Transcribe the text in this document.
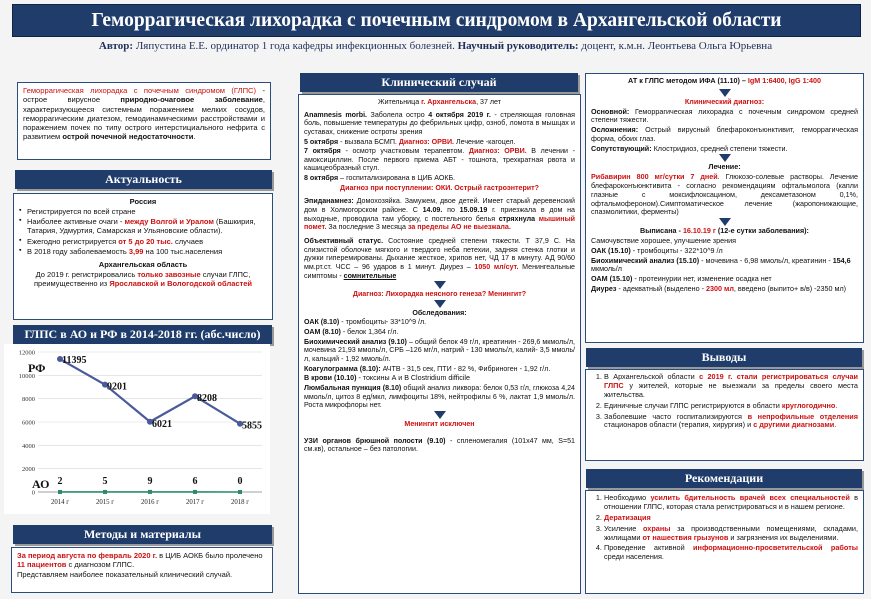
Геморрагическая лихорадка с почечным синдромом в Архангельской области
Автор: Ляпустина Е.Е. ординатор 1 года кафедры инфекционных болезней. Научный руководитель: доцент, к.м.н. Леонтьева Ольга Юрьевна
Геморрагическая лихорадка с почечным синдромом (ГЛПС) - острое вирусное природно-очаговое заболевание, характеризующееся системным поражением мелких сосудов, геморрагическим диатезом, гемодинамическими расстройствами и поражением почек по типу острого интерстициального нефрита с развитием острой почечной недостаточности.
Актуальность

Россия

▪ Регистрируется по всей стране
▪ Наиболее активные очаги - между Волгой и Уралом (Башкирия, Татария, Удмуртия, Самарская и Ульяновские области).
▪ Ежегодно регистрируется от 5 до 20 тыс. случаев
▪ В 2018 году заболеваемость 3,99 на 100 тыс.населения

Архангельская область

До 2019 г. регистрировались только завозные случаи ГЛПС, преимущественно из Ярославской и Вологодской областей

ГЛПС в АО и РФ в 2014-2018 гг. (абс.число)
0
2000
4000
6000
8000
10000
12000
2014 г	2015 г	2016 г	2017 г	2018 г
11395
9201
6021
8208
5855
2	5	9	6	0
РФ
АО
Методы и материалы

За период августа по февраль 2020 г. в ЦИБ АОКБ было пролечено 11 пациентов с диагнозом ГЛПС.

Представляем наиболее показательный клинический случай.

Клинический случай

Жительница г. Архангельска, 37 лет

Anamnesis morbi. Заболела остро 4 октября 2019 г. - стреляющая головная боль, повышение температуры до фебрильных цифр, озноб, ломота в мышцах и суставах, снижение остроты зрения

5 октября - вызвала БСМП. Диагноз: ОРВИ. Лечение -кагоцел.

7 октября - осмотр участковым терапевтом. Диагноз: ОРВИ. В лечении - амоксициллин. После первого приема АБТ - тошнота, трехкратная рвота и кашицеобразный стул.

8 октября – госпитализирована в ЦИБ АОКБ.

Диагноз при поступлении: ОКИ. Острый гастроэнтерит?

Эпиданамнез: Домохозяйка. Замужем, двое детей. Имеет старый деревенский дом в Холмогорском районе. С 14.09. по 15.09.19 г. приезжала в дом на выходные, проводила там уборку, с постельного белья стряхнула мышиный помет. За последние 3 месяца за пределы АО не выезжала.

Объективный статус. Состояние средней степени тяжести. Т 37,9 С. На слизистой оболочке мягкого и твердого неба петехии, задняя стенка глотки и дужки гиперемированы. Дыхание жесткое, хрипов нет, ЧД 17 в минуту. АД 90/60 мм.рт.ст. ЧСС – 96 ударов в 1 минут. Диурез – 1050 мл/сут. Менингеальные симптомы - сомнительные

Диагноз: Лихорадка неясного генеза? Менингит?

Обследования:

ОАК (8.10) - тромбоциты- 33*10^9 /л.

ОАМ (8.10) - белок 1,364 г/л.

Биохимический анализ (9.10) – общий белок 49 г/л, креатинин - 269,6 мкмоль/л, мочевина 21,93 ммоль/л, СРБ –126 мг/л, натрий - 130 ммоль/л, калий- 3,5 ммоль/л, кальций - 1,92 ммоль/л.

Коагулограмма (8.10): АЧТВ - 31,5 сек, ПТИ - 82 %, Фибриноген - 1,92 г/л.

В крови (10.10) - токсины А и В Clostridium difficile

Люмбальная пункция (8.10) общий анализ ликвора: белок 0,53 г/л, глюкоза 4,24 ммоль/л, цитоз 8 ед/мкл, лимфоциты 18%, нейтрофилы 6 %, лактат 1,9 ммоль/л. Роста микрофлоры нет.

Менингит исключен

УЗИ органов брюшной полости (9.10) - спленомегалия (101х47 мм, S=51 см.кв), остальное – без патологии.

АТ к ГЛПС методом ИФА (11.10) – IgM 1:6400, IgG 1:400

Клинический диагноз:

Основной: Геморрагическая лихорадка с почечным синдромом средней степени тяжести.

Осложнения: Острый вирусный блефароконъюнктивит, геморрагическая форма, обоих глаз.

Сопутствующий: Клостридиоз, средней степени тяжести.

Лечение:

Рибавирин 800 мг/сутки 7 дней. Глюкозо-солевые растворы. Лечение блефароконъюнктивита - согласно рекомендациям офтальмолога (капли глазные с моксифлоксацином, дексаметазоном 0,1%, офтальмофероном).Симптоматическое лечение (жаропонижающие, спазмолитики, ферменты)

Выписана - 16.10.19 г (12-е сутки заболевания):

Самочувствие хорошее, улучшение зрения

ОАК (15.10) - тромбоциты - 322*10^9 /л

Биохимический анализ (15.10) - мочевина - 6,98 ммоль/л, креатинин - 154,6 мкмоль/л

ОАМ (15.10) - протеинурии нет, изменение осадка нет

Диурез - адекватный (выделено - 2300 мл, введено (выпито+ в/в) -2350 мл)

Выводы
1. В Архангельской области с 2019 г. стали регистрироваться случаи ГЛПС у жителей, которые не выезжали за пределы своего места жительства.
2. Единичные случаи ГЛПС регистрируются в области круглогодично.
3. Заболевшие часто госпитализируются в непрофильные отделения стационаров области (терапия, хирургия) и с другими диагнозами.
Рекомендации
1. Необходимо усилить бдительность врачей всех специальностей в отношении ГЛПС, которая стала регистрироваться и в нашем регионе.
2. Дератизация
3. Усиление охраны за производственными помещениями, складами, жилищами от нашествия грызунов и загрязнения их выделениями.
4. Проведение активной информационно-просветительской работы среди населения.
